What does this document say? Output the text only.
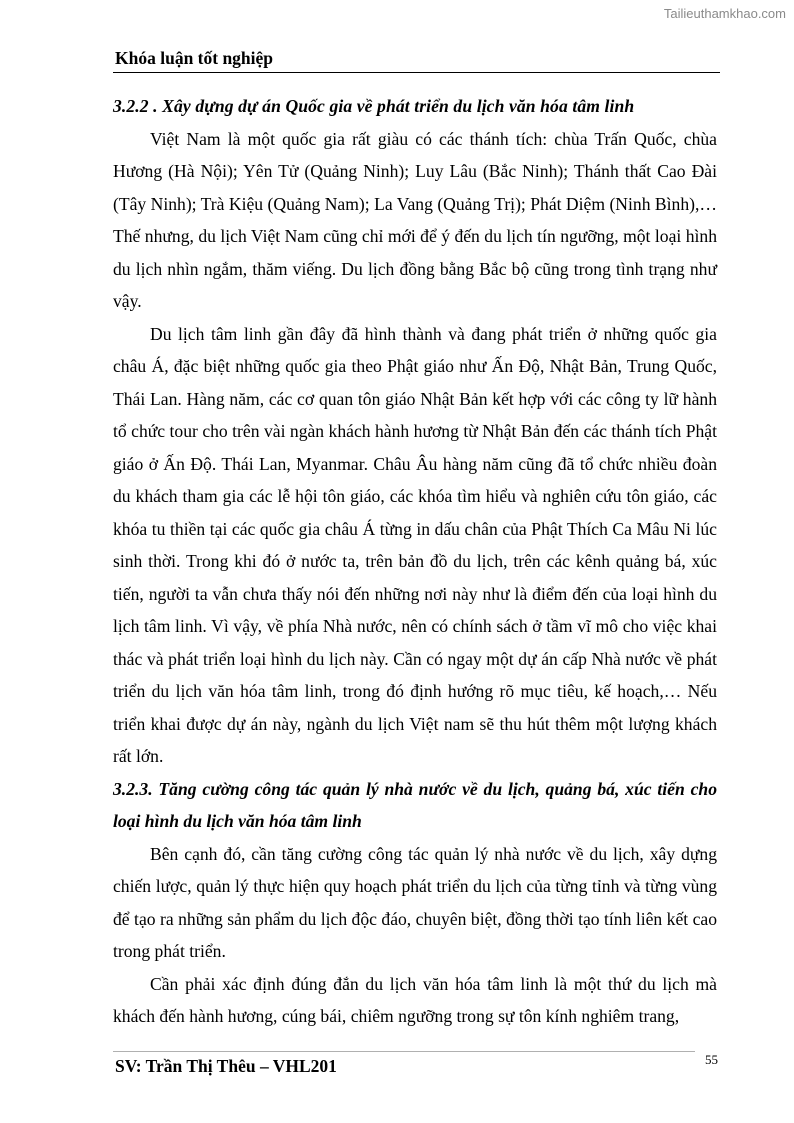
Tailieuthamkhao.com
Khóa luận tốt nghiệp
3.2.2 . Xây dựng dự án Quốc gia về phát triển du lịch văn hóa tâm linh

Việt Nam là một quốc gia rất giàu có các thánh tích: chùa Trấn Quốc, chùa Hương (Hà Nội); Yên Tử (Quảng Ninh); Luy Lâu (Bắc Ninh); Thánh thất Cao Đài (Tây Ninh); Trà Kiệu (Quảng Nam); La Vang (Quảng Trị); Phát Diệm (Ninh Bình),… Thế nhưng, du lịch Việt Nam cũng chỉ mới để ý đến du lịch tín ngưỡng, một loại hình du lịch nhìn ngắm, thăm viếng. Du lịch đồng bằng Bắc bộ cũng trong tình trạng như vậy.

Du lịch tâm linh gần đây đã hình thành và đang phát triển ở những quốc gia châu Á, đặc biệt những quốc gia theo Phật giáo như Ấn Độ, Nhật Bản, Trung Quốc, Thái Lan. Hàng năm, các cơ quan tôn giáo Nhật Bản kết hợp với các công ty lữ hành tổ chức tour cho trên vài ngàn khách hành hương từ Nhật Bản đến các thánh tích Phật giáo ở Ấn Độ. Thái Lan, Myanmar. Châu Âu hàng năm cũng đã tổ chức nhiều đoàn du khách tham gia các lễ hội tôn giáo, các khóa tìm hiểu và nghiên cứu tôn giáo, các khóa tu thiền tại các quốc gia châu Á từng in dấu chân của Phật Thích Ca Mâu Ni lúc sinh thời. Trong khi đó ở nước ta, trên bản đồ du lịch, trên các kênh quảng bá, xúc tiến, người ta vẫn chưa thấy nói đến những nơi này như là điểm đến của loại hình du lịch tâm linh. Vì vậy, về phía Nhà nước, nên có chính sách ở tầm vĩ mô cho việc khai thác và phát triển loại hình du lịch này. Cần có ngay một dự án cấp Nhà nước về phát triển du lịch văn hóa tâm linh, trong đó định hướng rõ mục tiêu, kế hoạch,… Nếu triển khai được dự án này, ngành du lịch Việt nam sẽ thu hút thêm một lượng khách rất lớn.

3.2.3. Tăng cường công tác quản lý nhà nước về du lịch, quảng bá, xúc tiến cho loại hình du lịch văn hóa tâm linh

Bên cạnh đó, cần tăng cường công tác quản lý nhà nước về du lịch, xây dựng chiến lược, quản lý thực hiện quy hoạch phát triển du lịch của từng tỉnh và từng vùng để tạo ra những sản phẩm du lịch độc đáo, chuyên biệt, đồng thời tạo tính liên kết cao trong phát triển.

Cần phải xác định đúng đắn du lịch văn hóa tâm linh là một thứ du lịch mà khách đến hành hương, cúng bái, chiêm ngưỡng trong sự tôn kính nghiêm trang,

SV: Trần Thị Thêu – VHL201	55
